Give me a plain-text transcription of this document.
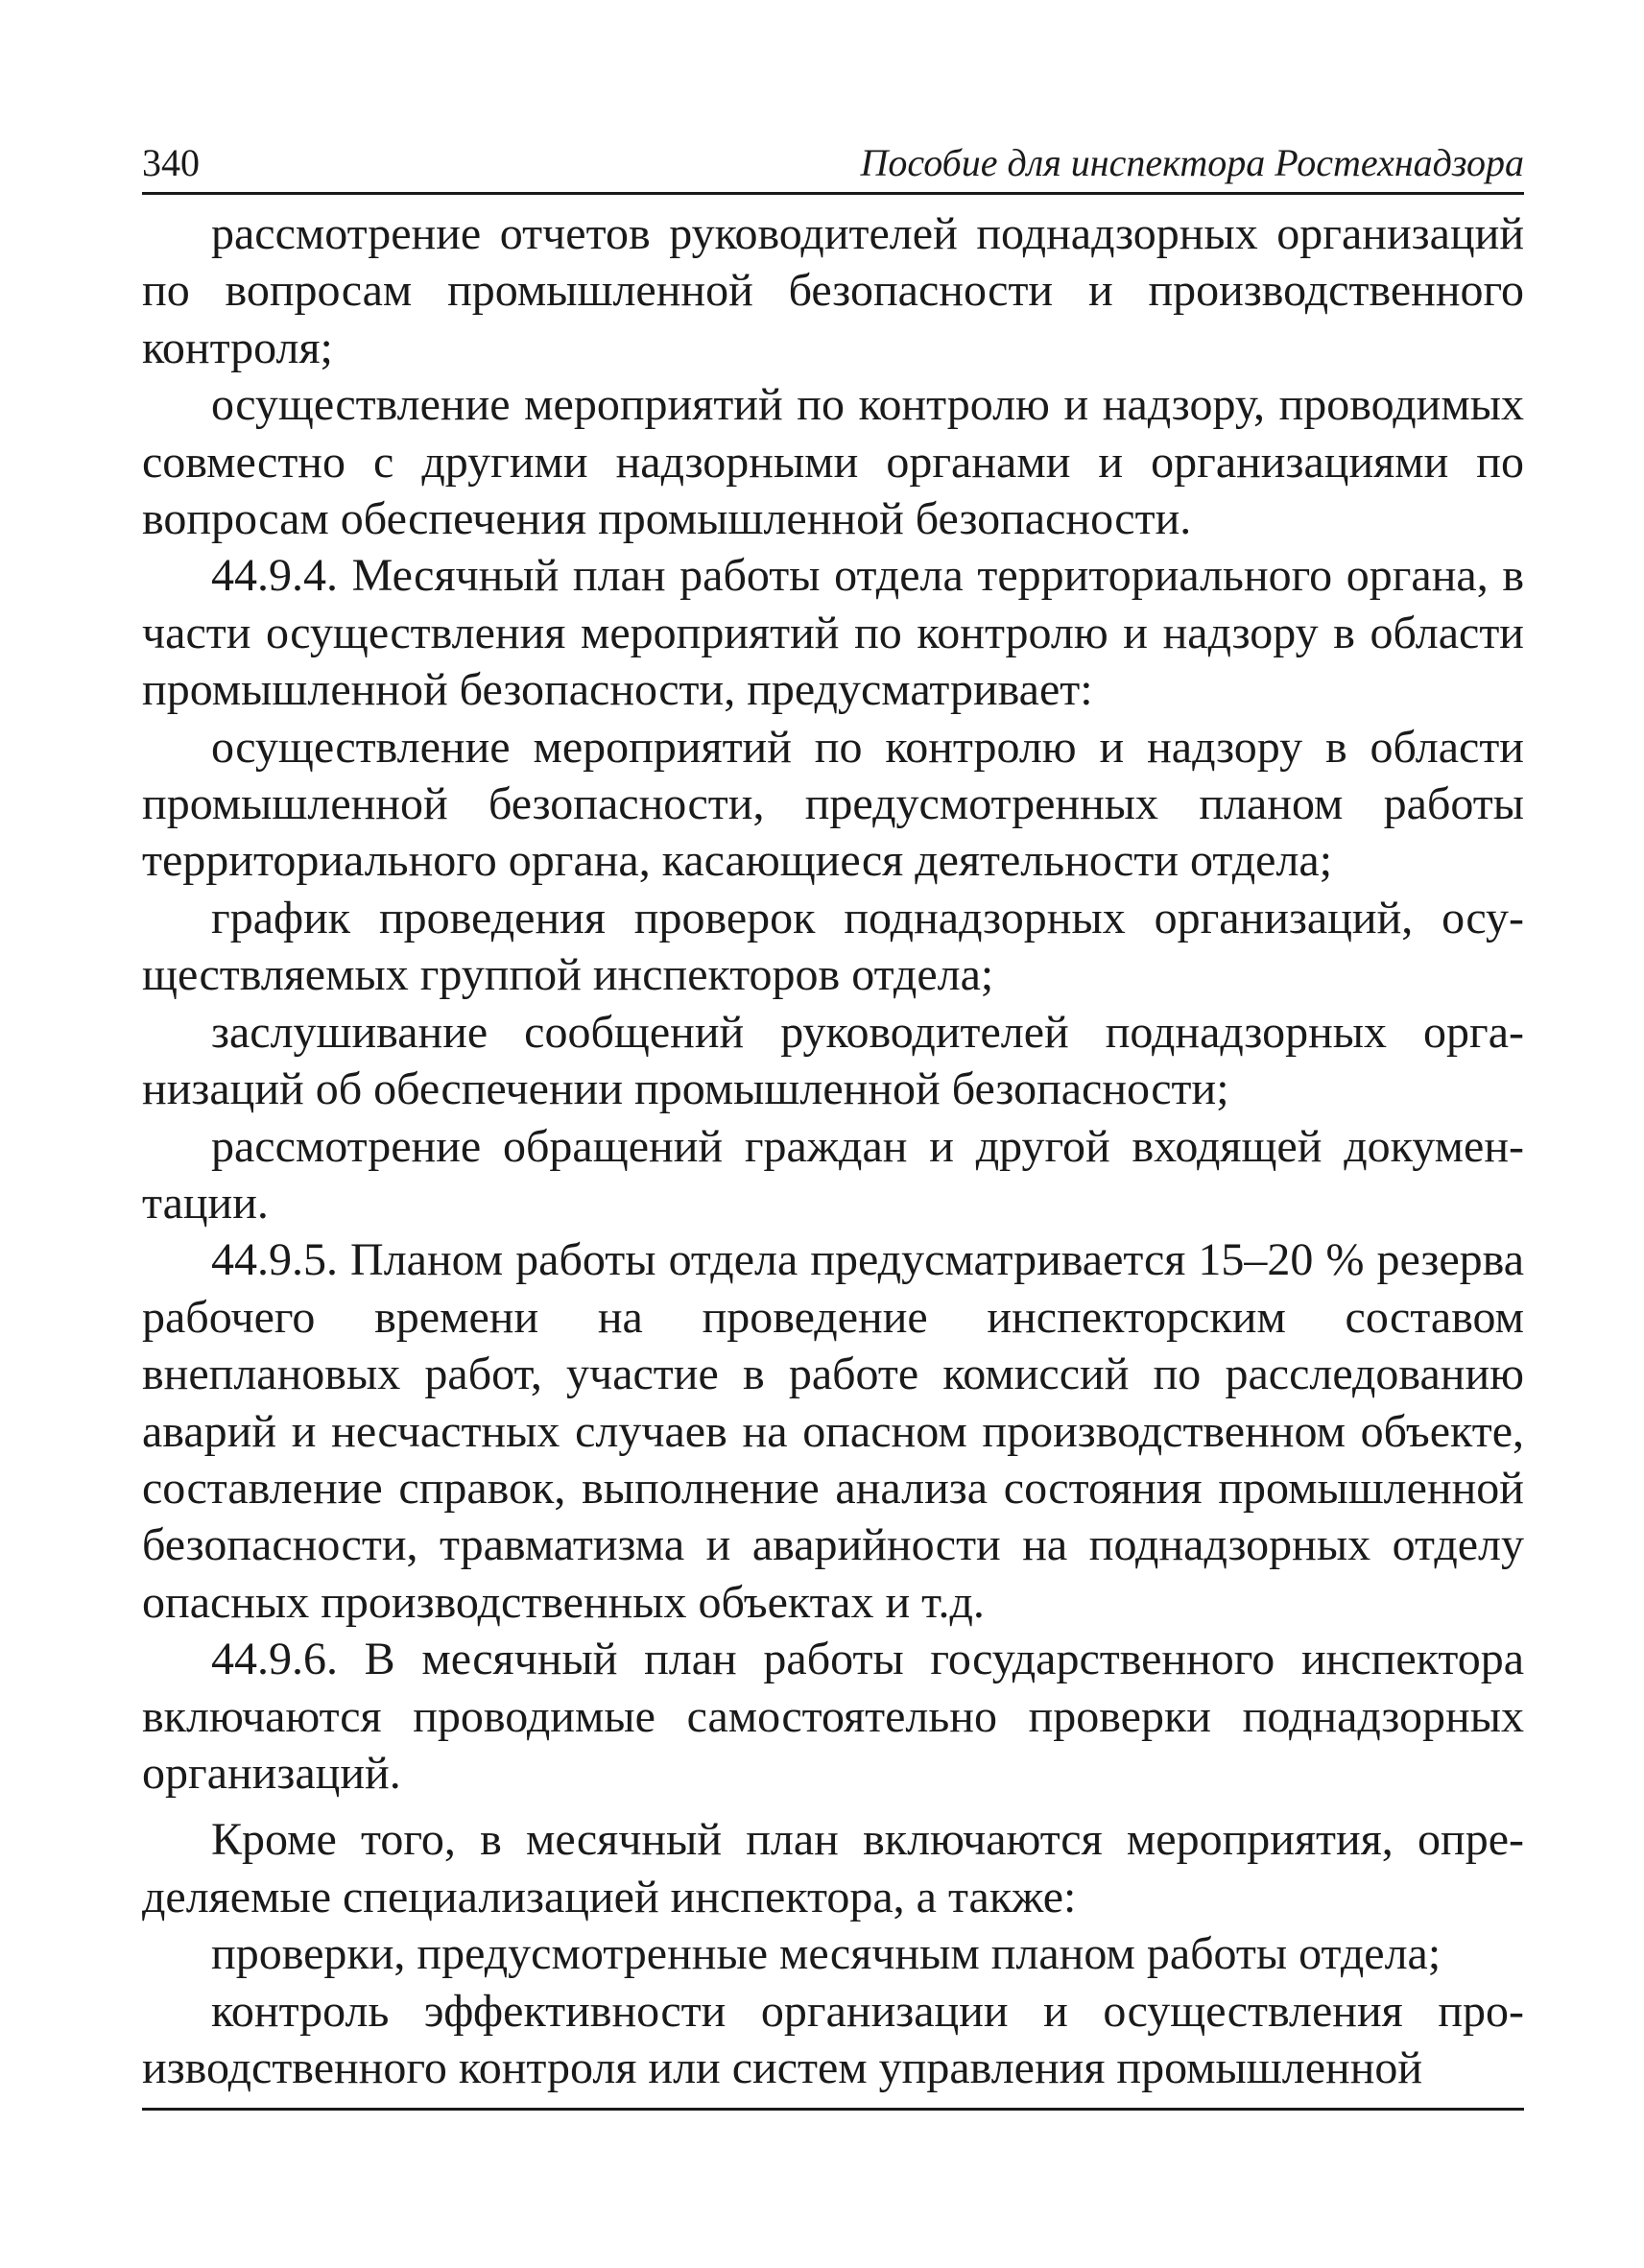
340	Пособие для инспектора Ростехнадзора

рассмотрение отчетов руководителей поднадзорных организаций по вопросам промышленной безопасности и производственного контроля;

осуществление мероприятий по контролю и надзору, проводимых совместно с другими надзорными органами и организациями по вопросам обеспечения промышленной безопасности.

44.9.4. Месячный план работы отдела территориального органа, в части осуществления мероприятий по контролю и надзору в области промышленной безопасности, предусматривает:

осуществление мероприятий по контролю и надзору в области промышленной безопасности, предусмотренных планом работы территориального органа, касающиеся деятельности отдела;

график проведения проверок поднадзорных организаций, осуществляемых группой инспекторов отдела;

заслушивание сообщений руководителей поднадзорных организаций об обеспечении промышленной безопасности;

рассмотрение обращений граждан и другой входящей документации.

44.9.5. Планом работы отдела предусматривается 15–20 % резерва рабочего времени на проведение инспекторским составом внеплановых работ, участие в работе комиссий по расследованию аварий и несчастных случаев на опасном производственном объекте, составление справок, выполнение анализа состояния промышленной безопасности, травматизма и аварийности на поднадзорных отделу опасных производственных объектах и т.д.

44.9.6. В месячный план работы государственного инспектора включаются проводимые самостоятельно проверки поднадзорных организаций.

Кроме того, в месячный план включаются мероприятия, определяемые специализацией инспектора, а также:

проверки, предусмотренные месячным планом работы отдела;

контроль эффективности организации и осуществления производственного контроля или систем управления промышленной
